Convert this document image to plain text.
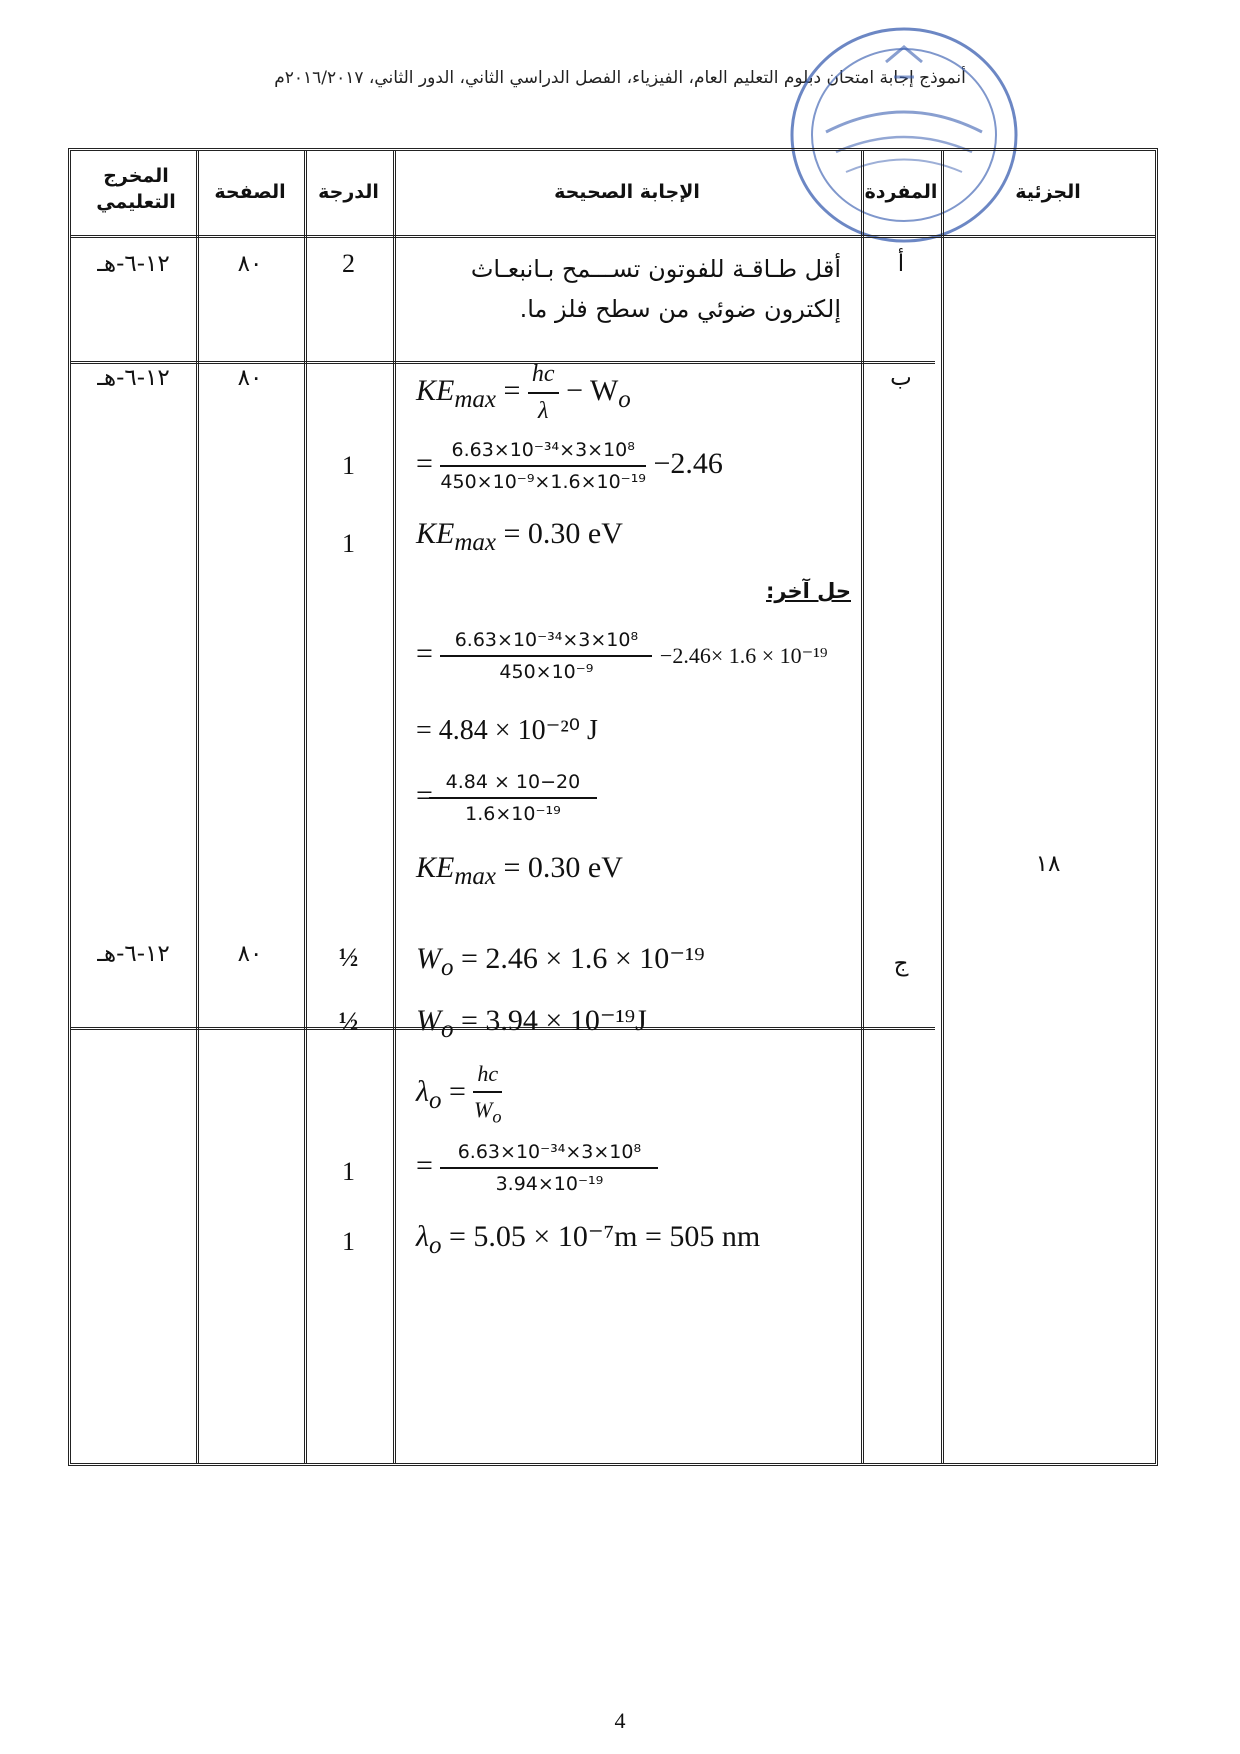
أنموذج إجابة امتحان دبلوم التعليم العام، الفيزياء، الفصل الدراسي الثاني، الدور الثاني، ٢٠١٦/٢٠١٧م
الجزئية
المفردة
الإجابة الصحيحة
الدرجة
الصفحة
المخرج التعليمي
١٨
أ
أقل طـاقـة للفوتون تســـمح بـانبعـاث إلكترون ضوئي من سطح فلز ما.
2
٨٠
١٢-٦-هـ
ب
٨٠
١٢-٦-هـ
1
1
$KE_{max} = \frac{hc}{\lambda} - W_o$
= $\frac{\text{6.63×10⁻³⁴×3×10⁸}}{\text{450×10⁻⁹×1.6×10⁻¹⁹}} -2.46$
$KE_{max} = 0.30$ eV
حل آخر:
= $\frac{\text{6.63×10⁻³⁴×3×10⁸}}{\text{450×10⁻⁹}} -2.46\times 1.6 \times 10^{-19}$
= 4.84 × 10⁻²⁰ J
=
$\frac{4.84 \times 10-20}{\text{1.6×10⁻¹⁹}}$
$KE_{max} = 0.30$ eV
ج
٨٠
١٢-٦-هـ	½
½
1
1
$W_o = 2.46 \times 1.6 \times 10^{-19}$
$W_o = 3.94 \times 10^{-19}J$
$\lambda_o = \frac{hc}{W_o}$
= $\frac{\text{6.63×10⁻³⁴×3×10⁸}}{\text{3.94×10⁻¹⁹}}$
$\lambda_o = 5.05 \times 10^{-7}m = 505$ nm
4
